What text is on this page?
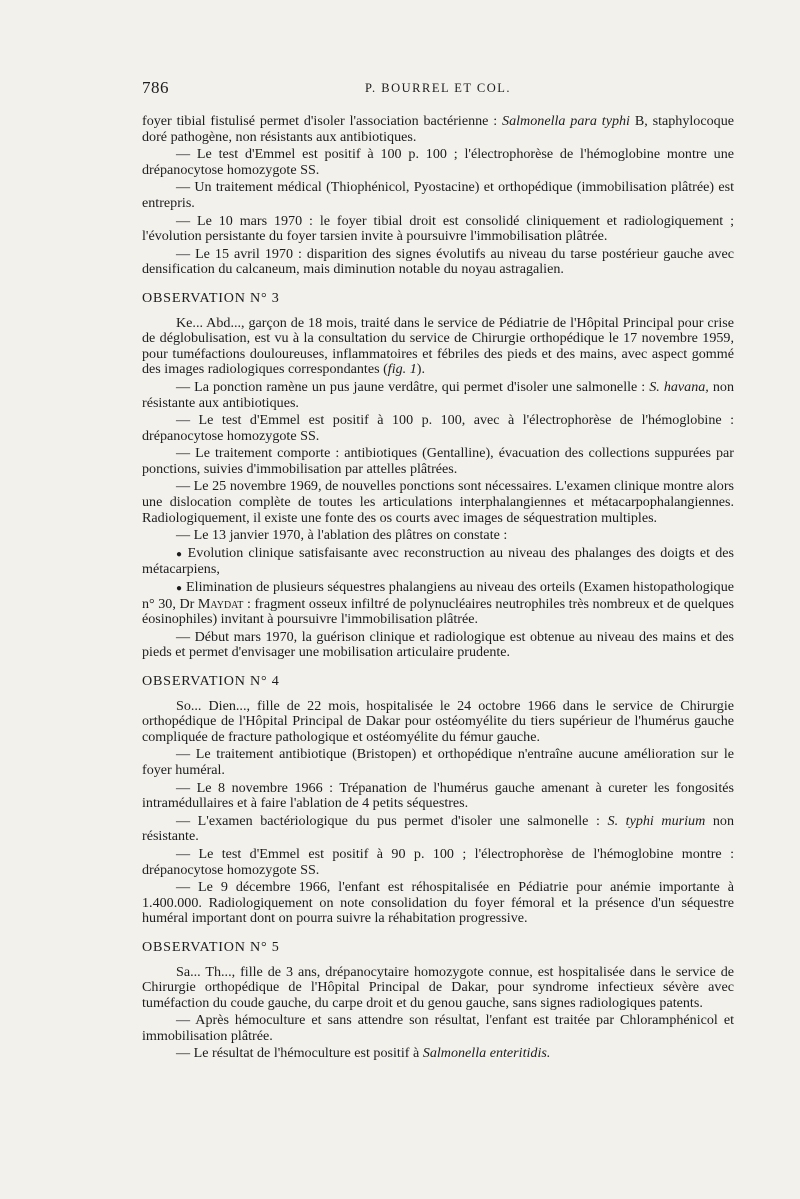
786	P. BOURREL ET COL.

foyer tibial fistulisé permet d'isoler l'association bactérienne : Salmonella para typhi B, staphylocoque doré pathogène, non résistants aux antibiotiques.

— Le test d'Emmel est positif à 100 p. 100 ; l'électrophorèse de l'hémoglobine montre une drépanocytose homozygote SS.

— Un traitement médical (Thiophénicol, Pyostacine) et orthopédique (immobilisation plâtrée) est entrepris.

— Le 10 mars 1970 : le foyer tibial droit est consolidé cliniquement et radiologiquement ; l'évolution persistante du foyer tarsien invite à poursuivre l'immobilisation plâtrée.

— Le 15 avril 1970 : disparition des signes évolutifs au niveau du tarse postérieur gauche avec densification du calcaneum, mais diminution notable du noyau astragalien.

OBSERVATION N° 3

Ke... Abd..., garçon de 18 mois, traité dans le service de Pédiatrie de l'Hôpital Principal pour crise de déglobulisation, est vu à la consultation du service de Chirurgie orthopédique le 17 novembre 1959, pour tuméfactions douloureuses, inflammatoires et fébriles des pieds et des mains, avec aspect gommé des images radiologiques correspondantes (fig. 1).

— La ponction ramène un pus jaune verdâtre, qui permet d'isoler une salmonelle : S. havana, non résistante aux antibiotiques.

— Le test d'Emmel est positif à 100 p. 100, avec à l'électrophorèse de l'hémoglobine : drépanocytose homozygote SS.

— Le traitement comporte : antibiotiques (Gentalline), évacuation des collections suppurées par ponctions, suivies d'immobilisation par attelles plâtrées.

— Le 25 novembre 1969, de nouvelles ponctions sont nécessaires. L'examen clinique montre alors une dislocation complète de toutes les articulations interphalangiennes et métacarpophalangiennes. Radiologiquement, il existe une fonte des os courts avec images de séquestration multiples.

— Le 13 janvier 1970, à l'ablation des plâtres on constate :

● Evolution clinique satisfaisante avec reconstruction au niveau des phalanges des doigts et des métacarpiens,

● Elimination de plusieurs séquestres phalangiens au niveau des orteils (Examen histopathologique n° 30, Dr Maydat : fragment osseux infiltré de polynucléaires neutrophiles très nombreux et de quelques éosinophiles) invitant à poursuivre l'immobilisation plâtrée.

— Début mars 1970, la guérison clinique et radiologique est obtenue au niveau des mains et des pieds et permet d'envisager une mobilisation articulaire prudente.

OBSERVATION N° 4

So... Dien..., fille de 22 mois, hospitalisée le 24 octobre 1966 dans le service de Chirurgie orthopédique de l'Hôpital Principal de Dakar pour ostéomyélite du tiers supérieur de l'humérus gauche compliquée de fracture pathologique et ostéomyélite du fémur gauche.

— Le traitement antibiotique (Bristopen) et orthopédique n'entraîne aucune amélioration sur le foyer huméral.

— Le 8 novembre 1966 : Trépanation de l'humérus gauche amenant à cureter les fongosités intramédullaires et à faire l'ablation de 4 petits séquestres.

— L'examen bactériologique du pus permet d'isoler une salmonelle : S. typhi murium non résistante.

— Le test d'Emmel est positif à 90 p. 100 ; l'électrophorèse de l'hémoglobine montre : drépanocytose homozygote SS.

— Le 9 décembre 1966, l'enfant est réhospitalisée en Pédiatrie pour anémie importante à 1.400.000. Radiologiquement on note consolidation du foyer fémoral et la présence d'un séquestre huméral important dont on pourra suivre la réhabitation progressive.

OBSERVATION N° 5

Sa... Th..., fille de 3 ans, drépanocytaire homozygote connue, est hospitalisée dans le service de Chirurgie orthopédique de l'Hôpital Principal de Dakar, pour syndrome infectieux sévère avec tuméfaction du coude gauche, du carpe droit et du genou gauche, sans signes radiologiques patents.

— Après hémoculture et sans attendre son résultat, l'enfant est traitée par Chloramphénicol et immobilisation plâtrée.

— Le résultat de l'hémoculture est positif à Salmonella enteritidis.
